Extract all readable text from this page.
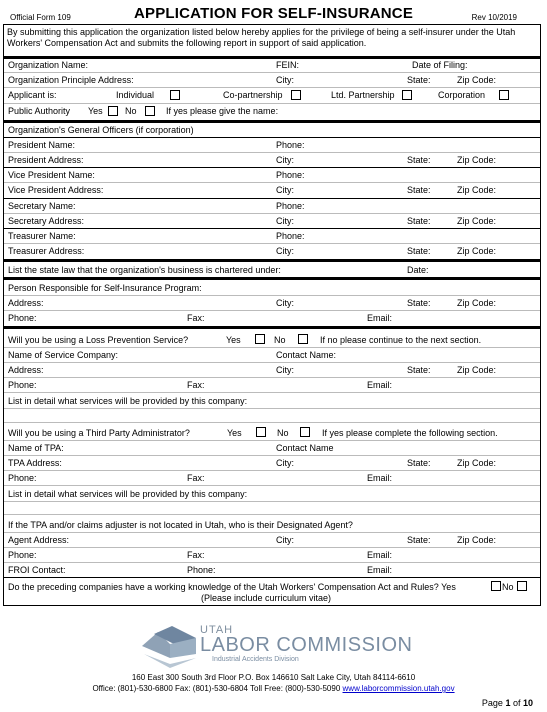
Official Form 109	APPLICATION FOR SELF-INSURANCE	Rev 10/2019
By submitting this application the organization listed below hereby applies for the privilege of being a self-insurer under the Utah Workers' Compensation Act and submits the following report in support of said application.
Organization Name:	FEIN:	Date of Filing:
Organization Principle Address:	City:	State:	Zip Code:
Applicant is:	Individual	Co-partnership	Ltd. Partnership	Corporation
Public Authority Yes No	If yes please give the name:
Organization's General Officers (if corporation)
President Name:	Phone:
President Address:	City:	State:	Zip Code:
Vice President Name:	Phone:
Vice President Address:	City:	State:	Zip Code:
Secretary Name:	Phone:
Secretary Address:	City:	State:	Zip Code:
Treasurer Name:	Phone:
Treasurer Address:	City:	State:	Zip Code:
List the state law that the organization's business is chartered under:	Date:
Person Responsible for Self-Insurance Program:
Address:	City:	State:	Zip Code:
Phone:	Fax:	Email:
Will you be using a Loss Prevention Service?	Yes	No	If no please continue to the next section.
Name of Service Company:	Contact Name:
Address:	City:	State:	Zip Code:
Phone:	Fax:	Email:
List in detail what services will be provided by this company:
Will you be using a Third Party Administrator?	Yes	No	If yes please complete the following section.
Name of TPA:	Contact Name
TPA Address:	City:	State:	Zip Code:
Phone:	Fax:	Email:
List in detail what services will be provided by this company:
If the TPA and/or claims adjuster is not located in Utah, who is their Designated Agent?
Agent Address:	City:	State:	Zip Code:
Phone:	Fax:	Email:
FROI Contact:	Phone:	Email:
Do the preceding companies have a working knowledge of the Utah Workers' Compensation Act and Rules? Yes	No
(Please include curriculum vitae)
UTAH
LABOR COMMISSION
Industrial Accidents Division
160 East 300 South 3rd Floor P.O. Box 146610 Salt Lake City, Utah 84114-6610
Office: (801)-530-6800 Fax: (801)-530-6804 Toll Free: (800)-530-5090 www.laborcommission.utah.gov
Page 1 of 10
